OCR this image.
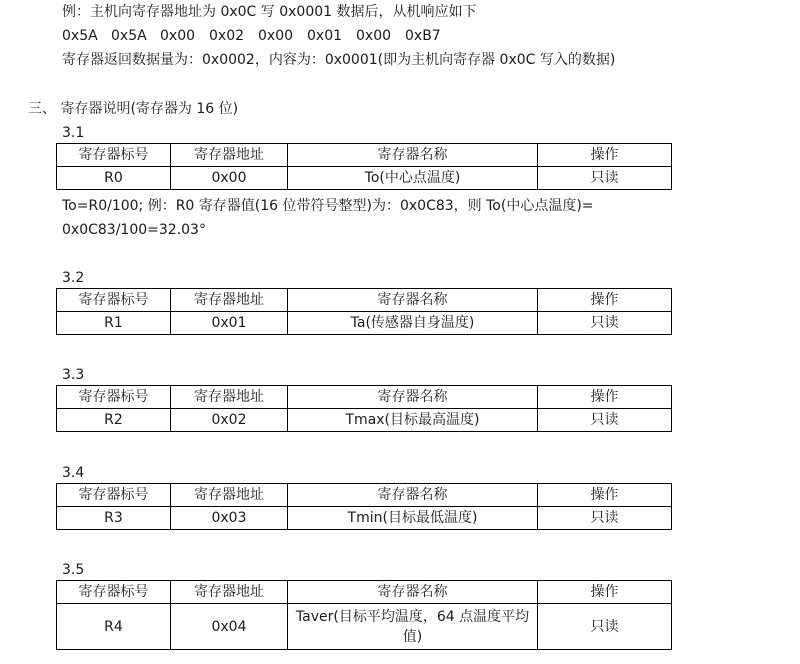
例：主机向寄存器地址为 0x0C 写 0x0001 数据后，从机响应如下
0x5A 0x5A 0x00 0x02 0x00 0x01 0x00 0xB7
寄存器返回数据量为：0x0002，内容为：0x0001(即为主机向寄存器 0x0C 写入的数据)
三、 寄存器说明(寄存器为 16 位)
3.1
寄存器标号	寄存器地址	寄存器名称	操作
R0	0x00	To(中心点温度)	只读
To=R0/100; 例：R0 寄存器值(16 位带符号整型)为：0x0C83，则 To(中心点温度)=
0x0C83/100=32.03°
3.2
寄存器标号	寄存器地址	寄存器名称	操作
R1	0x01	Ta(传感器自身温度)	只读
3.3
寄存器标号	寄存器地址	寄存器名称	操作
R2	0x02	Tmax(目标最高温度)	只读
3.4
寄存器标号	寄存器地址	寄存器名称	操作
R3	0x03	Tmin(目标最低温度)	只读
3.5
寄存器标号	寄存器地址	寄存器名称	操作
R4	0x04	Taver(目标平均温度，64 点温度平均值)	只读
